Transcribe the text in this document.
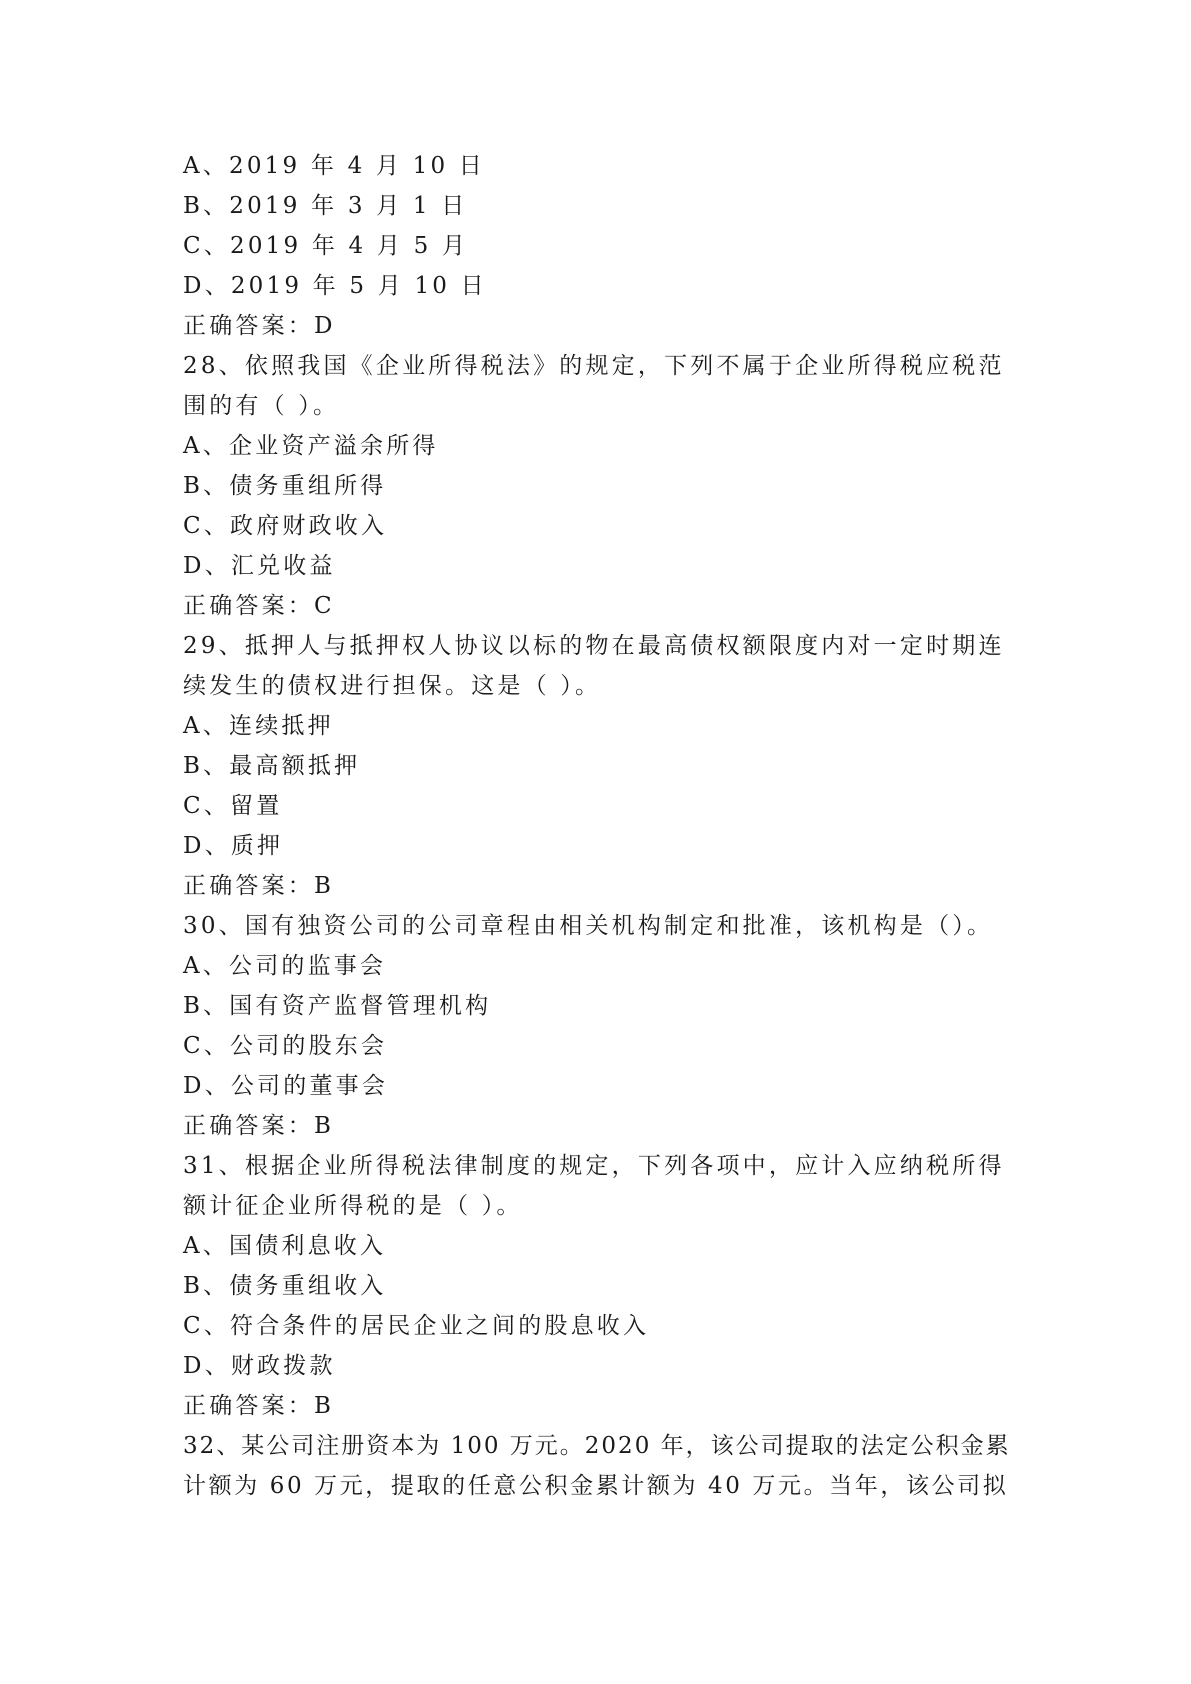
A、2019 年 4 月 10 日
B、2019 年 3 月 1 日
C、2019 年 4 月 5 月
D、2019 年 5 月 10 日
正确答案：D
28、依照我国《企业所得税法》的规定，下列不属于企业所得税应税范
围的有（ ）。
A、企业资产溢余所得
B、债务重组所得
C、政府财政收入
D、汇兑收益
正确答案：C
29、抵押人与抵押权人协议以标的物在最高债权额限度内对一定时期连
续发生的债权进行担保。这是（ ）。
A、连续抵押
B、最高额抵押
C、留置
D、质押
正确答案：B
30、国有独资公司的公司章程由相关机构制定和批准，该机构是（）。
A、公司的监事会
B、国有资产监督管理机构
C、公司的股东会
D、公司的董事会
正确答案：B
31、根据企业所得税法律制度的规定，下列各项中，应计入应纳税所得
额计征企业所得税的是（ ）。
A、国债利息收入
B、债务重组收入
C、符合条件的居民企业之间的股息收入
D、财政拨款
正确答案：B
32、某公司注册资本为 100 万元。2020 年，该公司提取的法定公积金累
计额为 60 万元，提取的任意公积金累计额为 40 万元。当年，该公司拟
